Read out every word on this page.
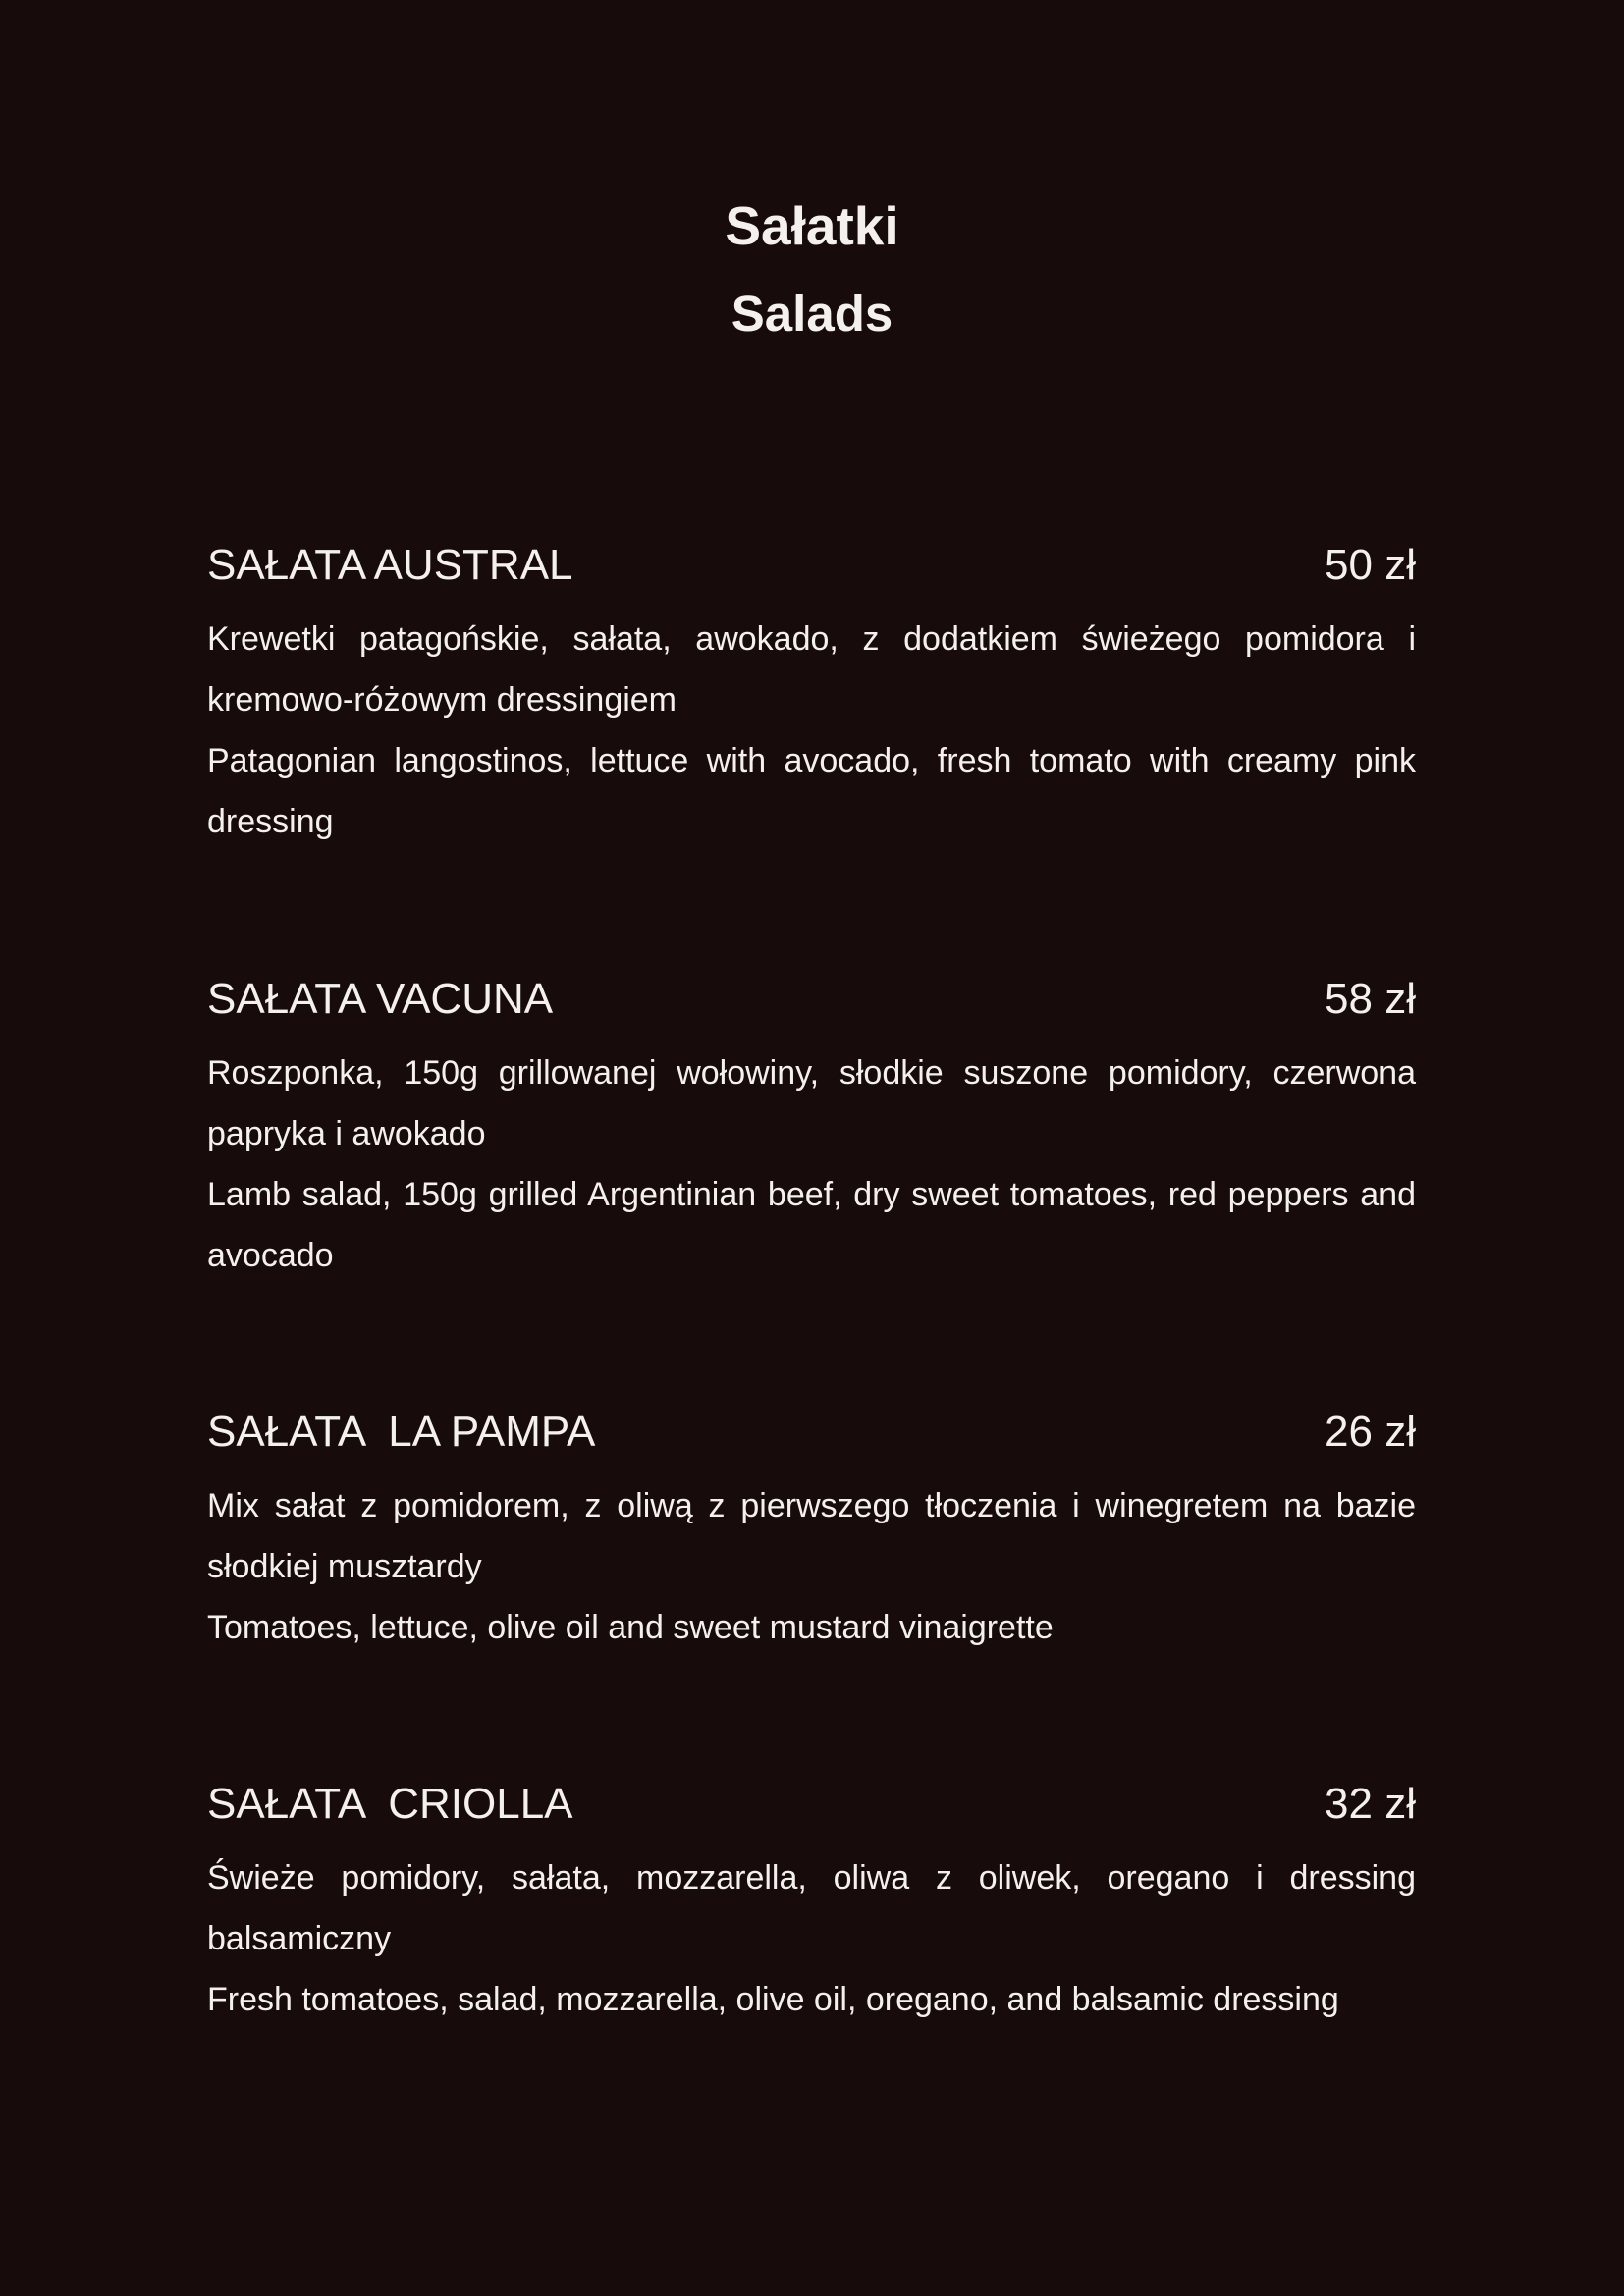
Sałatki
Salads
SAŁATA AUSTRAL	50 zł
Krewetki patagońskie, sałata, awokado, z dodatkiem świeżego pomidora i kremowo-różowym dressingiem
Patagonian langostinos, lettuce with avocado, fresh tomato with creamy pink dressing
SAŁATA VACUNA	58 zł
Roszponka, 150g grillowanej wołowiny, słodkie suszone pomidory, czerwona papryka i awokado
Lamb salad, 150g grilled Argentinian beef, dry sweet tomatoes, red peppers and avocado
SAŁATA  LA PAMPA	26 zł
Mix sałat z pomidorem, z oliwą z pierwszego tłoczenia i winegretem na bazie słodkiej musztardy
Tomatoes, lettuce, olive oil and sweet mustard vinaigrette
SAŁATA  CRIOLLA	32 zł
Świeże pomidory, sałata, mozzarella, oliwa z oliwek, oregano i dressing balsamiczny
Fresh tomatoes, salad, mozzarella, olive oil, oregano, and balsamic dressing
